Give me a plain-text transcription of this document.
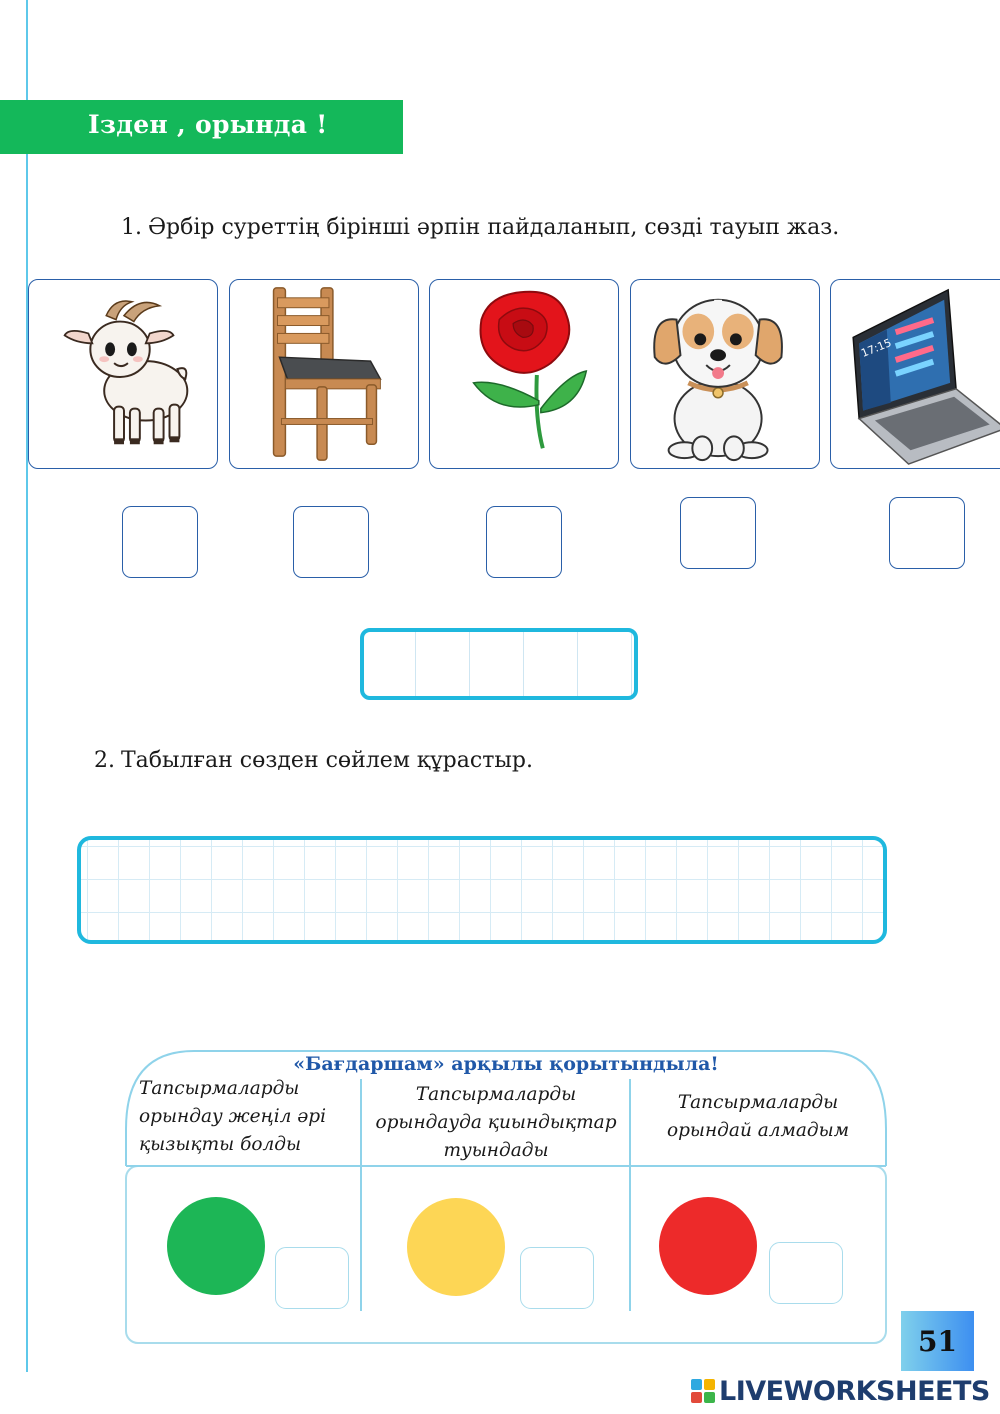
Ізден , орында !
1. Әрбір суреттің бірінші әрпін пайдаланып, сөзді тауып жаз.
17:15
2. Табылған сөзден сөйлем құрастыр.
«Бағдаршам» арқылы қорытындыла!
Тапсырмаларды орындау жеңіл әрі қызықты болды
Тапсырмаларды орындауда қиындықтар туындады
Тапсырмаларды орындай алмадым
51
LIVEWORKSHEETS
